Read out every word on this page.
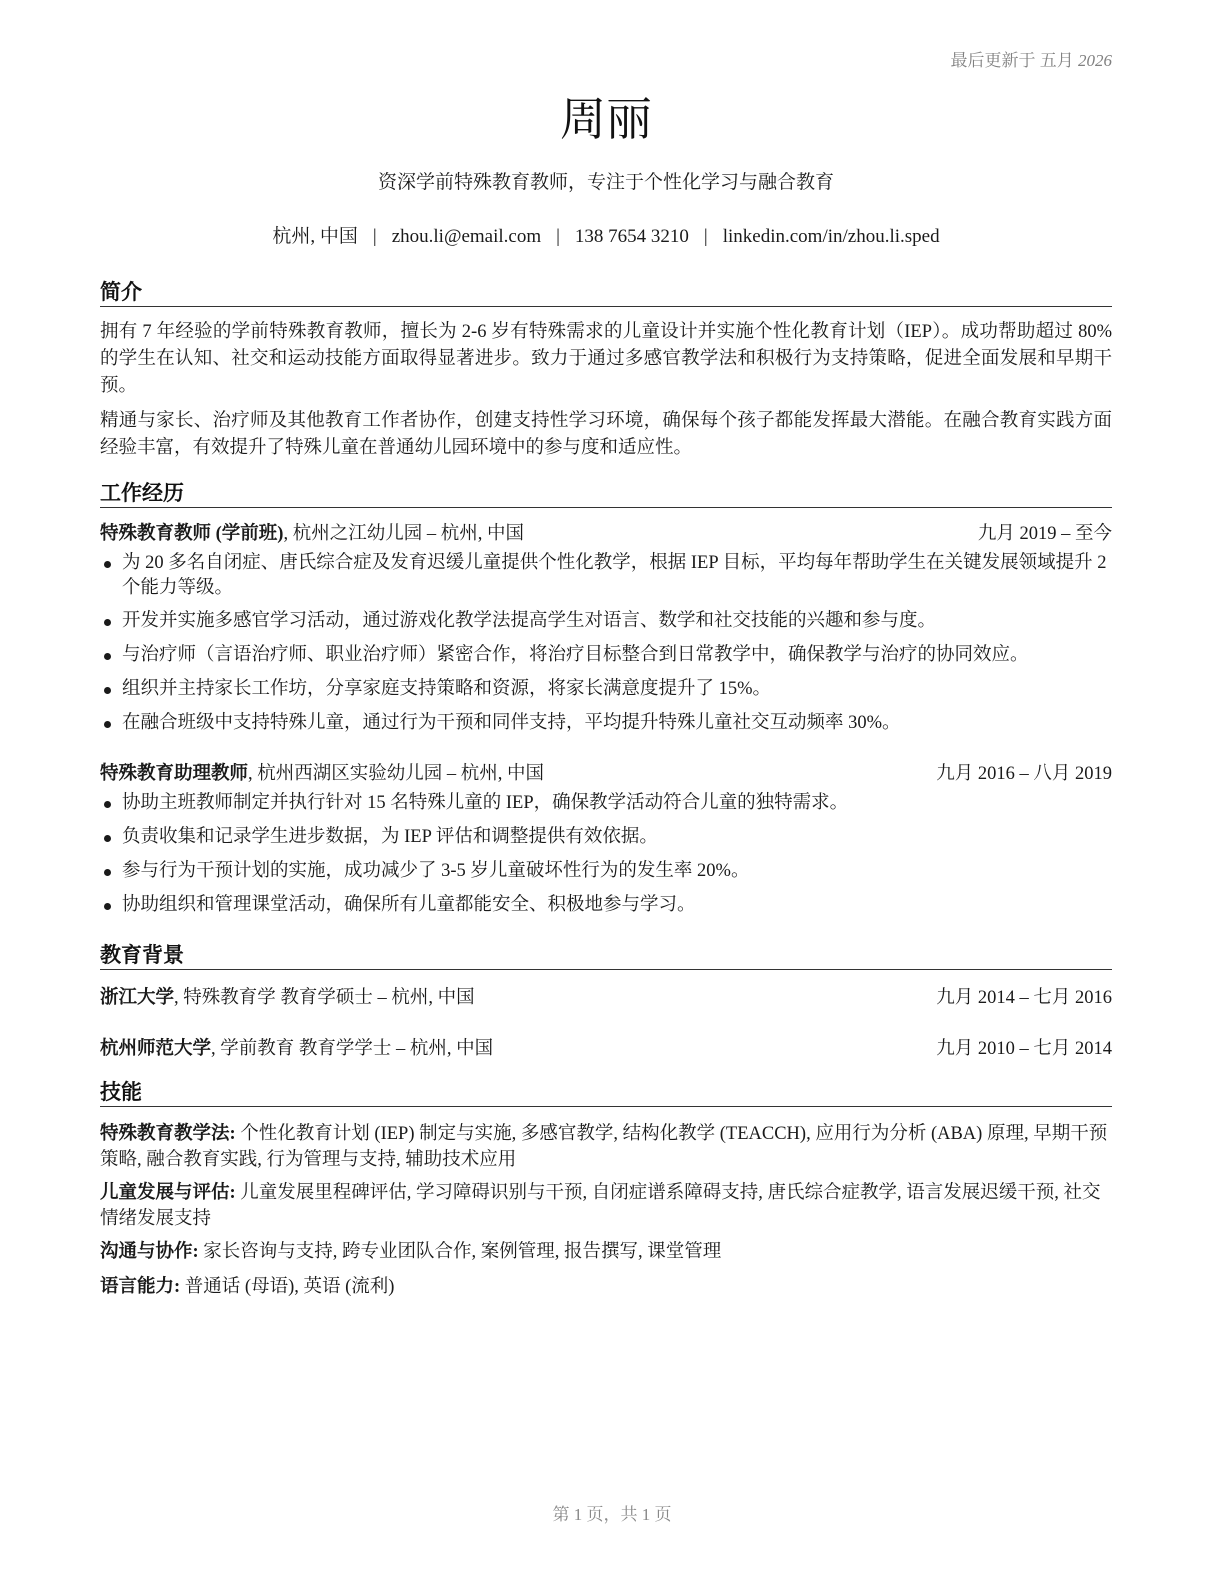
最后更新于 五月 2026
周丽
资深学前特殊教育教师，专注于个性化学习与融合教育
杭州, 中国 | zhou.li@email.com | 138 7654 3210 | linkedin.com/in/zhou.li.sped
简介

拥有 7 年经验的学前特殊教育教师，擅长为 2-6 岁有特殊需求的儿童设计并实施个性化教育计划（IEP）。成功帮助超过 80% 的学生在认知、社交和运动技能方面取得显著进步。致力于通过多感官教学法和积极行为支持策略，促进全面发展和早期干预。

精通与家长、治疗师及其他教育工作者协作，创建支持性学习环境，确保每个孩子都能发挥最大潜能。在融合教育实践方面经验丰富，有效提升了特殊儿童在普通幼儿园环境中的参与度和适应性。

工作经历
特殊教育教师 (学前班), 杭州之江幼儿园 – 杭州, 中国	九月 2019 – 至今
为 20 多名自闭症、唐氏综合症及发育迟缓儿童提供个性化教学，根据 IEP 目标，平均每年帮助学生在关键发展领域提升 2 个能力等级。
开发并实施多感官学习活动，通过游戏化教学法提高学生对语言、数学和社交技能的兴趣和参与度。
与治疗师（言语治疗师、职业治疗师）紧密合作，将治疗目标整合到日常教学中，确保教学与治疗的协同效应。
组织并主持家长工作坊，分享家庭支持策略和资源，将家长满意度提升了 15%。
在融合班级中支持特殊儿童，通过行为干预和同伴支持，平均提升特殊儿童社交互动频率 30%。
特殊教育助理教师, 杭州西湖区实验幼儿园 – 杭州, 中国	九月 2016 – 八月 2019
协助主班教师制定并执行针对 15 名特殊儿童的 IEP，确保教学活动符合儿童的独特需求。
负责收集和记录学生进步数据，为 IEP 评估和调整提供有效依据。
参与行为干预计划的实施，成功减少了 3-5 岁儿童破坏性行为的发生率 20%。
协助组织和管理课堂活动，确保所有儿童都能安全、积极地参与学习。
教育背景
浙江大学, 特殊教育学 教育学硕士 – 杭州, 中国	九月 2014 – 七月 2016
杭州师范大学, 学前教育 教育学学士 – 杭州, 中国	九月 2010 – 七月 2014
技能

特殊教育教学法: 个性化教育计划 (IEP) 制定与实施, 多感官教学, 结构化教学 (TEACCH), 应用行为分析 (ABA) 原理, 早期干预策略, 融合教育实践, 行为管理与支持, 辅助技术应用

儿童发展与评估: 儿童发展里程碑评估, 学习障碍识别与干预, 自闭症谱系障碍支持, 唐氏综合症教学, 语言发展迟缓干预, 社交情绪发展支持

沟通与协作: 家长咨询与支持, 跨专业团队合作, 案例管理, 报告撰写, 课堂管理

语言能力: 普通话 (母语), 英语 (流利)

第 1 页，共 1 页
